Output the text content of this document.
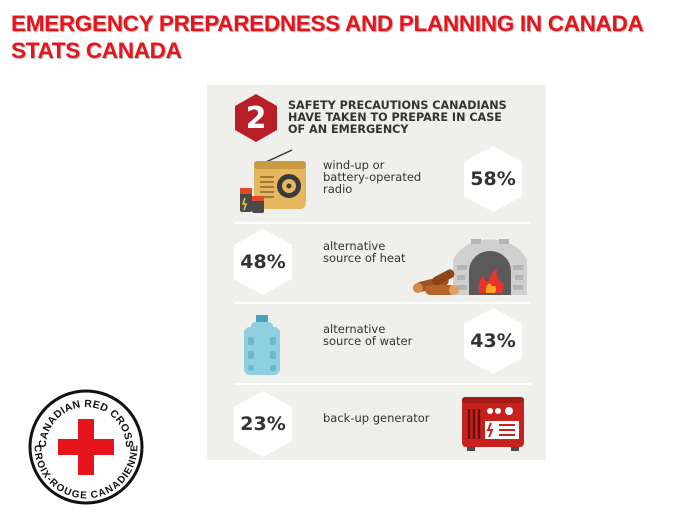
EMERGENCY PREPAREDNESS AND PLANNING IN CANADA
STATS CANADA
2	SAFETY PRECAUTIONS CANADIANS
HAVE TAKEN TO PREPARE IN CASE
OF AN EMERGENCY
wind-up or
battery-operated
radio	58%
48%
alternative
source of heat
alternative
source of water	43%
23%	back-up generator
CANADIAN RED CROSS
CROIX-ROUGE CANADIENNE
